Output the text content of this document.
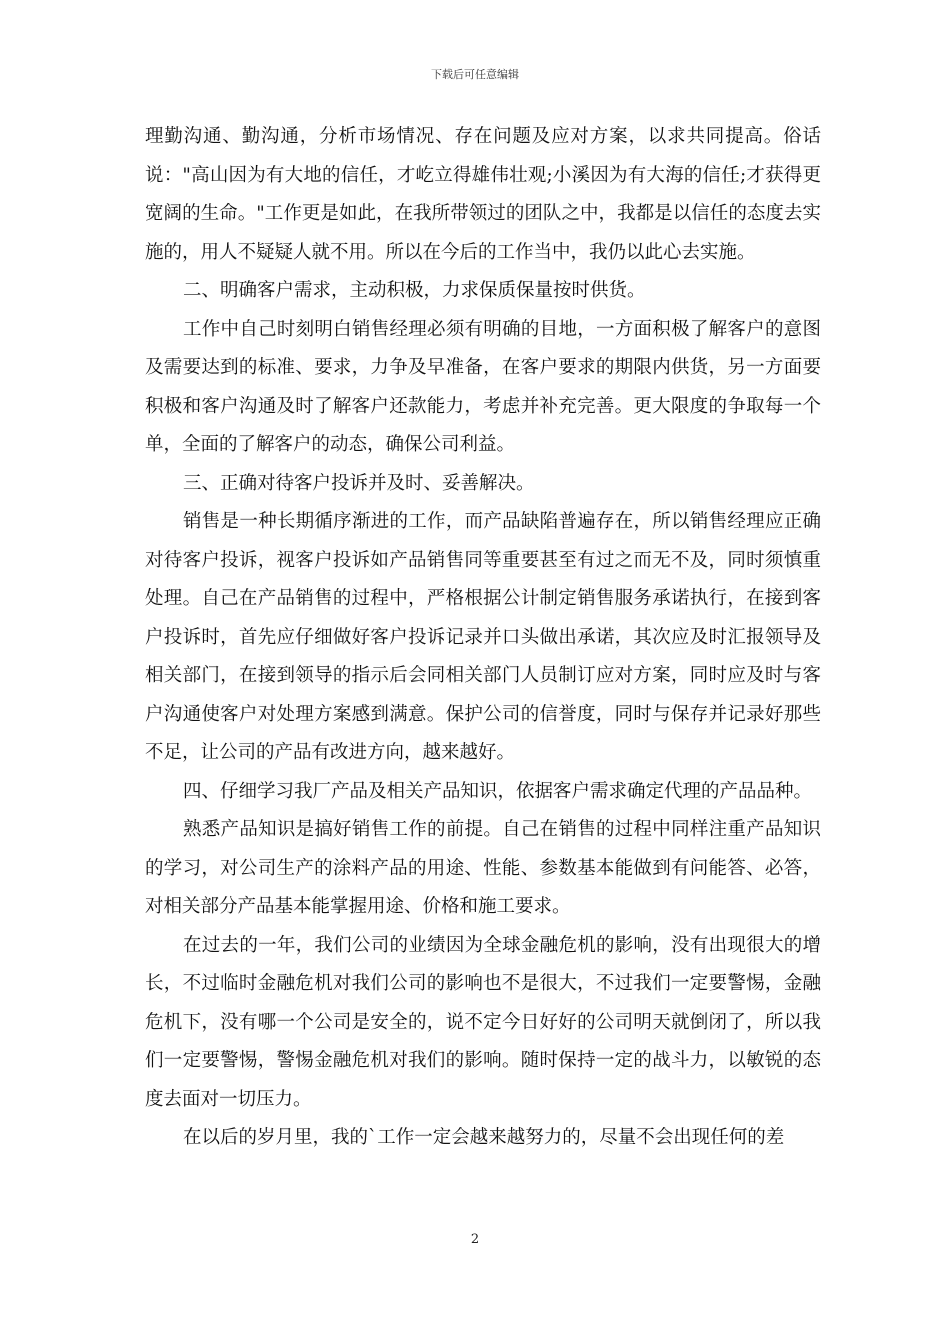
下载后可任意编辑

理勤沟通、勤沟通，分析市场情况、存在问题及应对方案，以求共同提高。俗话说："高山因为有大地的信任，才屹立得雄伟壮观;小溪因为有大海的信任;才获得更宽阔的生命。"工作更是如此，在我所带领过的团队之中，我都是以信任的态度去实施的，用人不疑疑人就不用。所以在今后的工作当中，我仍以此心去实施。

二、明确客户需求，主动积极，力求保质保量按时供货。

工作中自己时刻明白销售经理必须有明确的目地，一方面积极了解客户的意图及需要达到的标准、要求，力争及早准备，在客户要求的期限内供货，另一方面要积极和客户沟通及时了解客户还款能力，考虑并补充完善。更大限度的争取每一个单，全面的了解客户的动态，确保公司利益。

三、正确对待客户投诉并及时、妥善解决。

销售是一种长期循序渐进的工作，而产品缺陷普遍存在，所以销售经理应正确对待客户投诉，视客户投诉如产品销售同等重要甚至有过之而无不及，同时须慎重处理。自己在产品销售的过程中，严格根据公计制定销售服务承诺执行，在接到客户投诉时，首先应仔细做好客户投诉记录并口头做出承诺，其次应及时汇报领导及相关部门，在接到领导的指示后会同相关部门人员制订应对方案，同时应及时与客户沟通使客户对处理方案感到满意。保护公司的信誉度，同时与保存并记录好那些不足，让公司的产品有改进方向，越来越好。

四、仔细学习我厂产品及相关产品知识，依据客户需求确定代理的产品品种。

熟悉产品知识是搞好销售工作的前提。自己在销售的过程中同样注重产品知识的学习，对公司生产的涂料产品的用途、性能、参数基本能做到有问能答、必答，对相关部分产品基本能掌握用途、价格和施工要求。

在过去的一年，我们公司的业绩因为全球金融危机的影响，没有出现很大的增长，不过临时金融危机对我们公司的影响也不是很大，不过我们一定要警惕，金融危机下，没有哪一个公司是安全的，说不定今日好好的公司明天就倒闭了，所以我们一定要警惕，警惕金融危机对我们的影响。随时保持一定的战斗力，以敏锐的态度去面对一切压力。

在以后的岁月里，我的`工作一定会越来越努力的，尽量不会出现任何的差

2
